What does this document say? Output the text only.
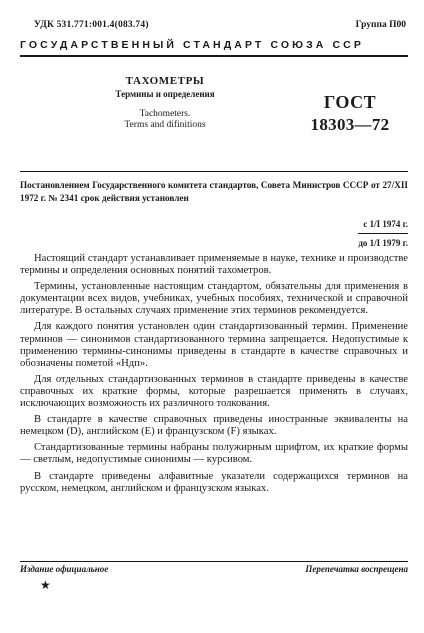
УДК 531.771:001.4(083.74)	Группа П00
ГОСУДАРСТВЕННЫЙ СТАНДАРТ СОЮЗА ССР
ТАХОМЕТРЫ
Термины и определения
Tachometers.
Terms and difinitions
ГОСТ
18303—72
Постановлением Государственного комитета стандартов, Совета Министров СССР от 27/XII 1972 г. № 2341 срок действия установлен
с 1/I 1974 г.
до 1/I 1979 г.

Настоящий стандарт устанавливает применяемые в науке, технике и производстве термины и определения основных понятий тахометров.

Термины, установленные настоящим стандартом, обязательны для применения в документации всех видов, учебниках, учебных пособиях, технической и справочной литературе. В остальных случаях применение этих терминов рекомендуется.

Для каждого понятия установлен один стандартизованный термин. Применение терминов — синонимов стандартизованного термина запрещается. Недопустимые к применению термины-синонимы приведены в стандарте в качестве справочных и обозначены пометой «Ндп».

Для отдельных стандартизованных терминов в стандарте приведены в качестве справочных их краткие формы, которые разрешается применять в случаях, исключающих возможность их различного толкования.

В стандарте в качестве справочных приведены иностранные эквиваленты на немецком (D), английском (E) и французском (F) языках.

Стандартизованные термины набраны полужирным шрифтом, их краткие формы — светлым, недопустимые синонимы — курсивом.

В стандарте приведены алфавитные указатели содержащихся терминов на русском, немецком, английском и французском языках.

Издание официальное	Перепечатка воспрещена
★
